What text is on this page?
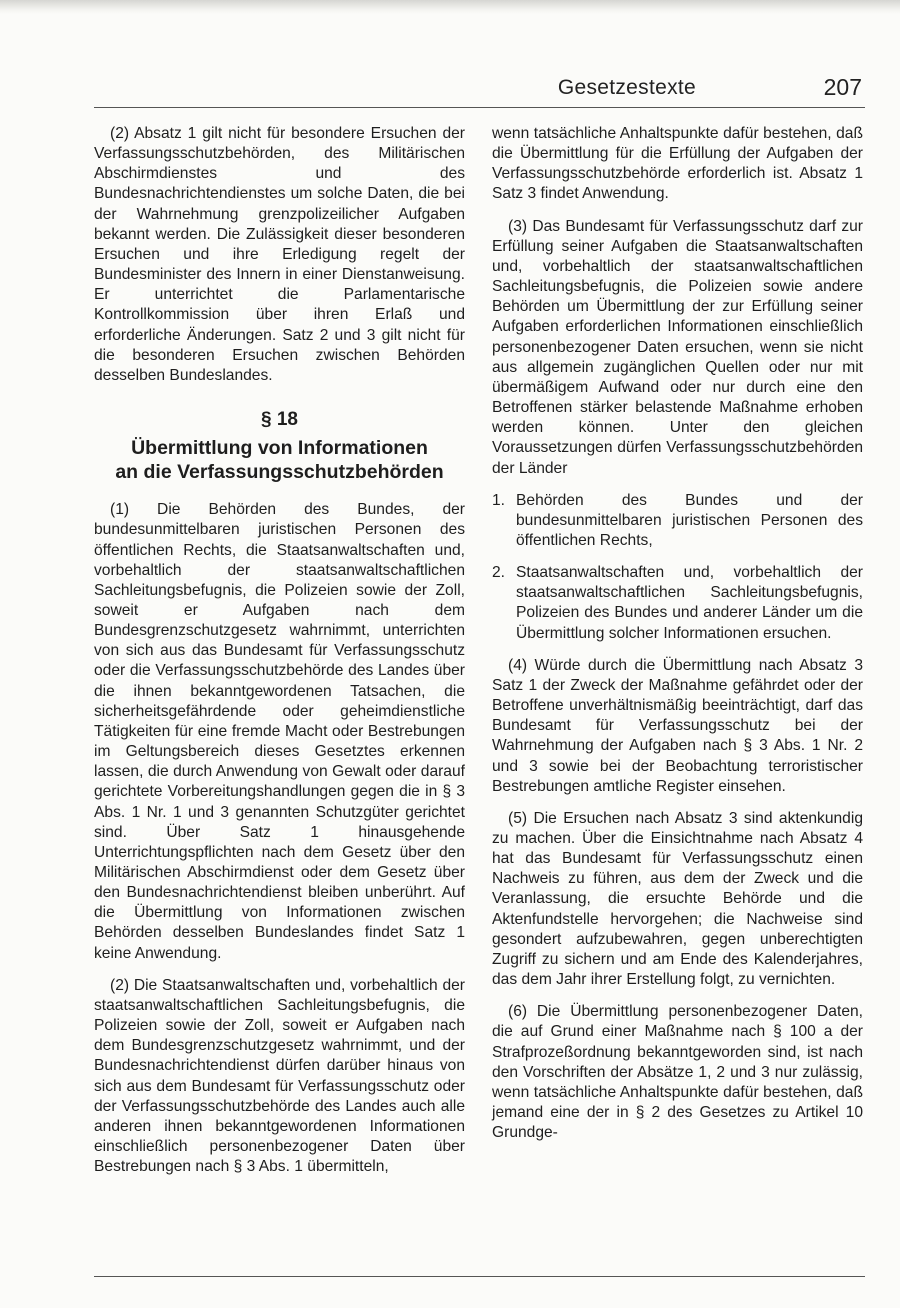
Gesetzestexte	207

(2) Absatz 1 gilt nicht für besondere Ersuchen der Verfassungsschutzbehörden, des Militärischen Abschirmdienstes und des Bundesnachrichtendienstes um solche Daten, die bei der Wahrnehmung grenzpolizeilicher Aufgaben bekannt werden. Die Zulässigkeit dieser besonderen Ersuchen und ihre Erledigung regelt der Bundesminister des Innern in einer Dienstanweisung. Er unterrichtet die Parlamentarische Kontrollkommission über ihren Erlaß und erforderliche Änderungen. Satz 2 und 3 gilt nicht für die besonderen Ersuchen zwischen Behörden desselben Bundeslandes.

§ 18
Übermittlung von Informationen
an die Verfassungsschutzbehörden

(1) Die Behörden des Bundes, der bundesunmittelbaren juristischen Personen des öffentlichen Rechts, die Staatsanwaltschaften und, vorbehaltlich der staatsanwaltschaftlichen Sachleitungsbefugnis, die Polizeien sowie der Zoll, soweit er Aufgaben nach dem Bundesgrenzschutzgesetz wahrnimmt, unterrichten von sich aus das Bundesamt für Verfassungsschutz oder die Verfassungsschutzbehörde des Landes über die ihnen bekanntgewordenen Tatsachen, die sicherheitsgefährdende oder geheimdienstliche Tätigkeiten für eine fremde Macht oder Bestrebungen im Geltungsbereich dieses Gesetztes erkennen lassen, die durch Anwendung von Gewalt oder darauf gerichtete Vorbereitungshandlungen gegen die in § 3 Abs. 1 Nr. 1 und 3 genannten Schutzgüter gerichtet sind. Über Satz 1 hinausgehende Unterrichtungspflichten nach dem Gesetz über den Militärischen Abschirmdienst oder dem Gesetz über den Bundesnachrichtendienst bleiben unberührt. Auf die Übermittlung von Informationen zwischen Behörden desselben Bundeslandes findet Satz 1 keine Anwendung.

(2) Die Staatsanwaltschaften und, vorbehaltlich der staatsanwaltschaftlichen Sachleitungsbefugnis, die Polizeien sowie der Zoll, soweit er Aufgaben nach dem Bundesgrenzschutzgesetz wahrnimmt, und der Bundesnachrichtendienst dürfen darüber hinaus von sich aus dem Bundesamt für Verfassungsschutz oder der Verfassungsschutzbehörde des Landes auch alle anderen ihnen bekanntgewordenen Informationen einschließlich personenbezogener Daten über Bestrebungen nach § 3 Abs. 1 übermitteln,

wenn tatsächliche Anhaltspunkte dafür bestehen, daß die Übermittlung für die Erfüllung der Aufgaben der Verfassungsschutzbehörde erforderlich ist. Absatz 1 Satz 3 findet Anwendung.

(3) Das Bundesamt für Verfassungsschutz darf zur Erfüllung seiner Aufgaben die Staatsanwaltschaften und, vorbehaltlich der staatsanwaltschaftlichen Sachleitungsbefugnis, die Polizeien sowie andere Behörden um Übermittlung der zur Erfüllung seiner Aufgaben erforderlichen Informationen einschließlich personenbezogener Daten ersuchen, wenn sie nicht aus allgemein zugänglichen Quellen oder nur mit übermäßigem Aufwand oder nur durch eine den Betroffenen stärker belastende Maßnahme erhoben werden können. Unter den gleichen Voraussetzungen dürfen Verfassungsschutzbehörden der Länder

1. Behörden des Bundes und der bundesunmittelbaren juristischen Personen des öffentlichen Rechts,
2. Staatsanwaltschaften und, vorbehaltlich der staatsanwaltschaftlichen Sachleitungsbefugnis, Polizeien des Bundes und anderer Länder um die Übermittlung solcher Informationen ersuchen.

(4) Würde durch die Übermittlung nach Absatz 3 Satz 1 der Zweck der Maßnahme gefährdet oder der Betroffene unverhältnismäßig beeinträchtigt, darf das Bundesamt für Verfassungsschutz bei der Wahrnehmung der Aufgaben nach § 3 Abs. 1 Nr. 2 und 3 sowie bei der Beobachtung terroristischer Bestrebungen amtliche Register einsehen.

(5) Die Ersuchen nach Absatz 3 sind aktenkundig zu machen. Über die Einsichtnahme nach Absatz 4 hat das Bundesamt für Verfassungsschutz einen Nachweis zu führen, aus dem der Zweck und die Veranlassung, die ersuchte Behörde und die Aktenfundstelle hervorgehen; die Nachweise sind gesondert aufzubewahren, gegen unberechtigten Zugriff zu sichern und am Ende des Kalenderjahres, das dem Jahr ihrer Erstellung folgt, zu vernichten.

(6) Die Übermittlung personenbezogener Daten, die auf Grund einer Maßnahme nach § 100 a der Strafprozeßordnung bekanntgeworden sind, ist nach den Vorschriften der Absätze 1, 2 und 3 nur zulässig, wenn tatsächliche Anhaltspunkte dafür bestehen, daß jemand eine der in § 2 des Gesetzes zu Artikel 10 Grundge-
